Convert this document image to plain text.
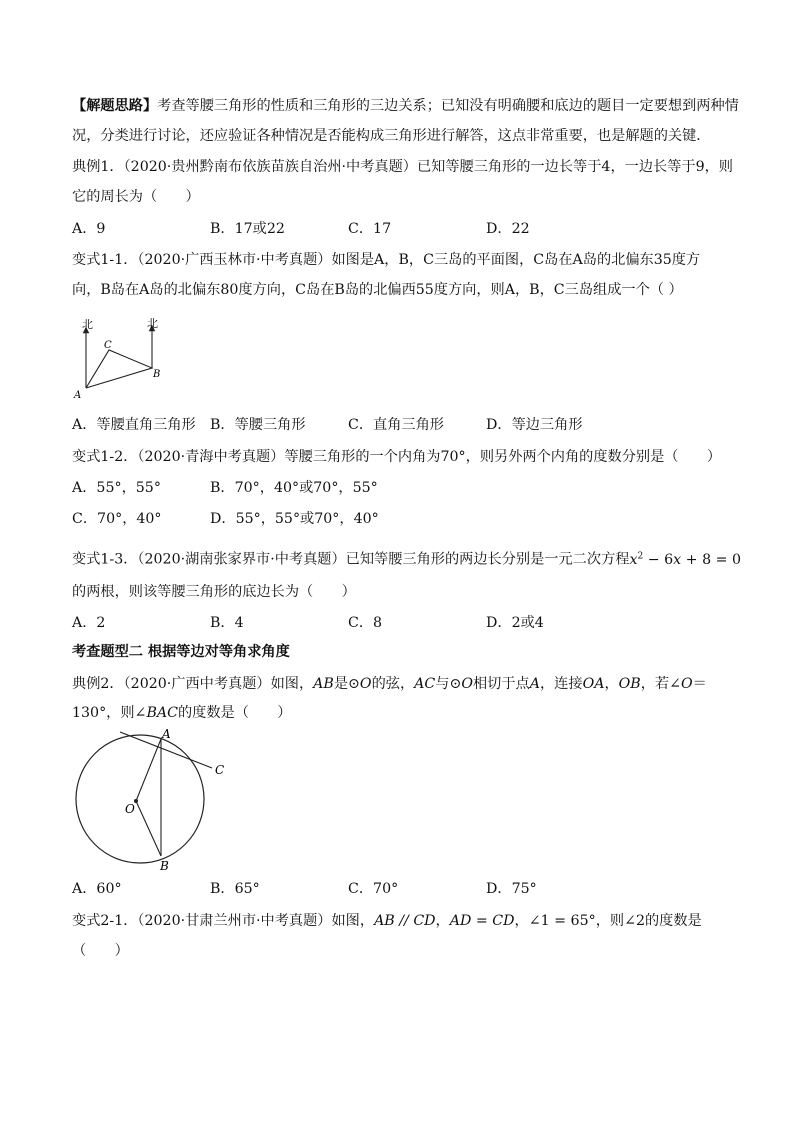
【解题思路】考查等腰三角形的性质和三角形的三边关系；已知没有明确腰和底边的题目一定要想到两种情
况，分类进行讨论，还应验证各种情况是否能构成三角形进行解答，这点非常重要，也是解题的关键．
典例1．（2020·贵州黔南布依族苗族自治州·中考真题）已知等腰三角形的一边长等于4，一边长等于9，则
它的周长为（　　）
A．9	B．17或22	C．17	D．22
变式1-1．（2020·广西玉林市·中考真题）如图是A，B，C三岛的平面图，C岛在A岛的北偏东35度方
向，B岛在A岛的北偏东80度方向，C岛在B岛的北偏西55度方向，则A，B，C三岛组成一个（ ）
北	北
A
B
C
A．等腰直角三角形 B．等腰三角形	C．直角三角形	D．等边三角形
变式1-2．（2020·青海中考真题）等腰三角形的一个内角为70°，则另外两个内角的度数分别是（　　）
A．55°，55°	B．70°，40°或70°，55°
C．70°，40°	D．55°，55°或70°，40°
变式1-3．（2020·湖南张家界市·中考真题）已知等腰三角形的两边长分别是一元二次方程$x^2 - 6x + 8 = 0$
的两根，则该等腰三角形的底边长为（　　）
A．2	B．4	C．8	D．2或4
考查题型二 根据等边对等角求角度
典例2．（2020·广西中考真题）如图，AB是⊙O的弦，AC与⊙O相切于点A，连接OA，OB，若∠O＝
130°，则∠BAC的度数是（　　）
A
C
O
B
A．60°	B．65°	C．70°	D．75°
变式2-1．（2020·甘肃兰州市·中考真题）如图，AB // CD，AD = CD，∠1 = 65°，则∠2的度数是
（　　）
